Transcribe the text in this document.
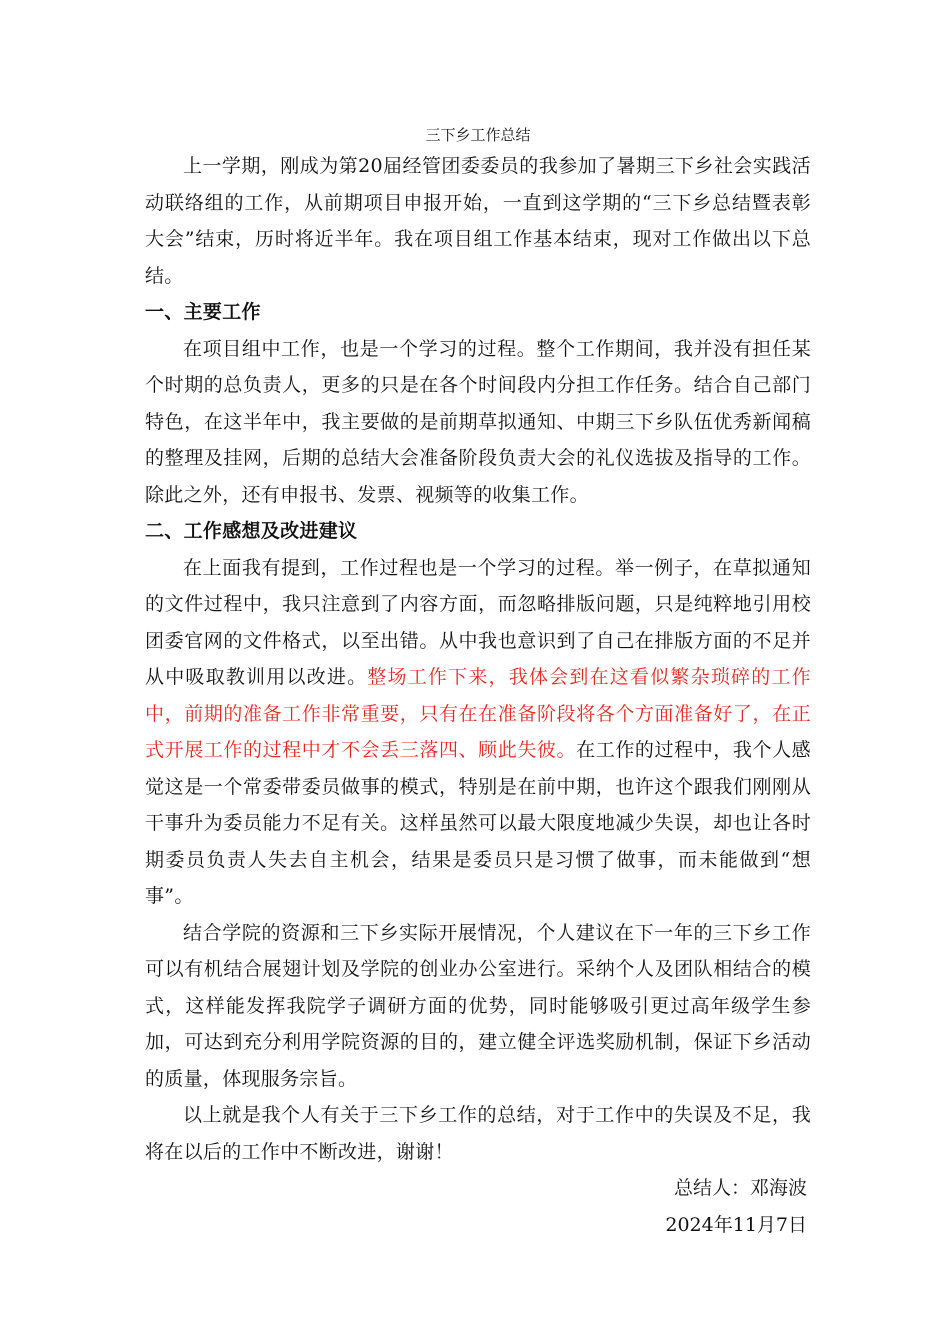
三下乡工作总结

上一学期，刚成为第20届经管团委委员的我参加了暑期三下乡社会实践活动联络组的工作，从前期项目申报开始，一直到这学期的“三下乡总结暨表彰大会”结束，历时将近半年。我在项目组工作基本结束，现对工作做出以下总结。

一、主要工作

在项目组中工作，也是一个学习的过程。整个工作期间，我并没有担任某个时期的总负责人，更多的只是在各个时间段内分担工作任务。结合自己部门特色，在这半年中，我主要做的是前期草拟通知、中期三下乡队伍优秀新闻稿的整理及挂网，后期的总结大会准备阶段负责大会的礼仪选拔及指导的工作。除此之外，还有申报书、发票、视频等的收集工作。

二、工作感想及改进建议

在上面我有提到，工作过程也是一个学习的过程。举一例子，在草拟通知的文件过程中，我只注意到了内容方面，而忽略排版问题，只是纯粹地引用校团委官网的文件格式，以至出错。从中我也意识到了自己在排版方面的不足并从中吸取教训用以改进。整场工作下来，我体会到在这看似繁杂琐碎的工作中，前期的准备工作非常重要，只有在在准备阶段将各个方面准备好了，在正式开展工作的过程中才不会丢三落四、顾此失彼。在工作的过程中，我个人感觉这是一个常委带委员做事的模式，特别是在前中期，也许这个跟我们刚刚从干事升为委员能力不足有关。这样虽然可以最大限度地减少失误，却也让各时期委员负责人失去自主机会，结果是委员只是习惯了做事，而未能做到“想事”。

结合学院的资源和三下乡实际开展情况，个人建议在下一年的三下乡工作可以有机结合展翅计划及学院的创业办公室进行。采纳个人及团队相结合的模式，这样能发挥我院学子调研方面的优势，同时能够吸引更过高年级学生参加，可达到充分利用学院资源的目的，建立健全评选奖励机制，保证下乡活动的质量，体现服务宗旨。

以上就是我个人有关于三下乡工作的总结，对于工作中的失误及不足，我将在以后的工作中不断改进，谢谢！

总结人：邓海波

2024年11月7日
